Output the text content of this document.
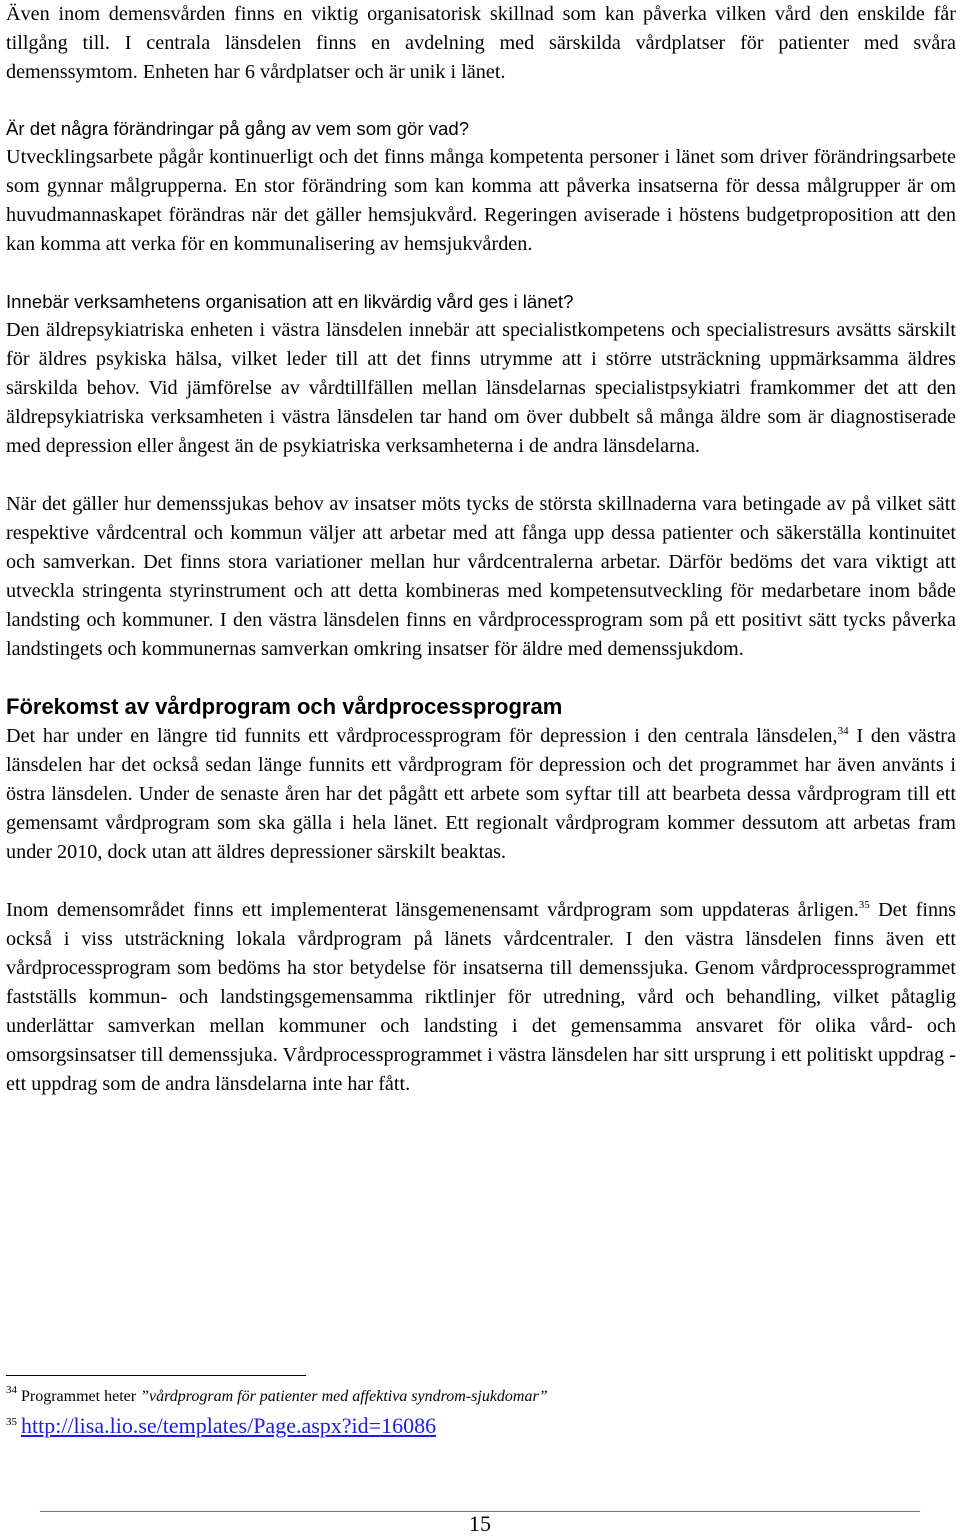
Även inom demensvården finns en viktig organisatorisk skillnad som kan påverka vilken vård den enskilde får tillgång till. I centrala länsdelen finns en avdelning med särskilda vårdplatser för patienter med svåra demenssymtom. Enheten har 6 vårdplatser och är unik i länet.

Är det några förändringar på gång av vem som gör vad?

Utvecklingsarbete pågår kontinuerligt och det finns många kompetenta personer i länet som driver förändringsarbete som gynnar målgrupperna. En stor förändring som kan komma att påverka insatserna för dessa målgrupper är om huvudmannaskapet förändras när det gäller hemsjukvård. Regeringen aviserade i höstens budgetproposition att den kan komma att verka för en kommunalisering av hemsjukvården.

Innebär verksamhetens organisation att en likvärdig vård ges i länet?

Den äldrepsykiatriska enheten i västra länsdelen innebär att specialistkompetens och specialistresurs avsätts särskilt för äldres psykiska hälsa, vilket leder till att det finns utrymme att i större utsträckning uppmärksamma äldres särskilda behov. Vid jämförelse av vårdtillfällen mellan länsdelarnas specialistpsykiatri framkommer det att den äldrepsykiatriska verksamheten i västra länsdelen tar hand om över dubbelt så många äldre som är diagnostiserade med depression eller ångest än de psykiatriska verksamheterna i de andra länsdelarna.

När det gäller hur demenssjukas behov av insatser möts tycks de största skillnaderna vara betingade av på vilket sätt respektive vårdcentral och kommun väljer att arbetar med att fånga upp dessa patienter och säkerställa kontinuitet och samverkan. Det finns stora variationer mellan hur vårdcentralerna arbetar. Därför bedöms det vara viktigt att utveckla stringenta styrinstrument och att detta kombineras med kompetensutveckling för medarbetare inom både landsting och kommuner. I den västra länsdelen finns en vårdprocessprogram som på ett positivt sätt tycks påverka landstingets och kommunernas samverkan omkring insatser för äldre med demenssjukdom.

Förekomst av vårdprogram och vårdprocessprogram

Det har under en längre tid funnits ett vårdprocessprogram för depression i den centrala länsdelen,$^{34}$ I den västra länsdelen har det också sedan länge funnits ett vårdprogram för depression och det programmet har även använts i östra länsdelen. Under de senaste åren har det pågått ett arbete som syftar till att bearbeta dessa vårdprogram till ett gemensamt vårdprogram som ska gälla i hela länet. Ett regionalt vårdprogram kommer dessutom att arbetas fram under 2010, dock utan att äldres depressioner särskilt beaktas.

Inom demensområdet finns ett implementerat länsgemenensamt vårdprogram som uppdateras årligen.$^{35}$ Det finns också i viss utsträckning lokala vårdprogram på länets vårdcentraler. I den västra länsdelen finns även ett vårdprocessprogram som bedöms ha stor betydelse för insatserna till demenssjuka. Genom vårdprocessprogrammet fastställs kommun- och landstingsgemensamma riktlinjer för utredning, vård och behandling, vilket påtaglig underlättar samverkan mellan kommuner och landsting i det gemensamma ansvaret för olika vård- och omsorgsinsatser till demenssjuka. Vårdprocessprogrammet i västra länsdelen har sitt ursprung i ett politiskt uppdrag - ett uppdrag som de andra länsdelarna inte har fått.

$^{34}$ Programmet heter ”vårdprogram för patienter med affektiva syndrom-sjukdomar”
$^{35}$ http://lisa.lio.se/templates/Page.aspx?id=16086
15
